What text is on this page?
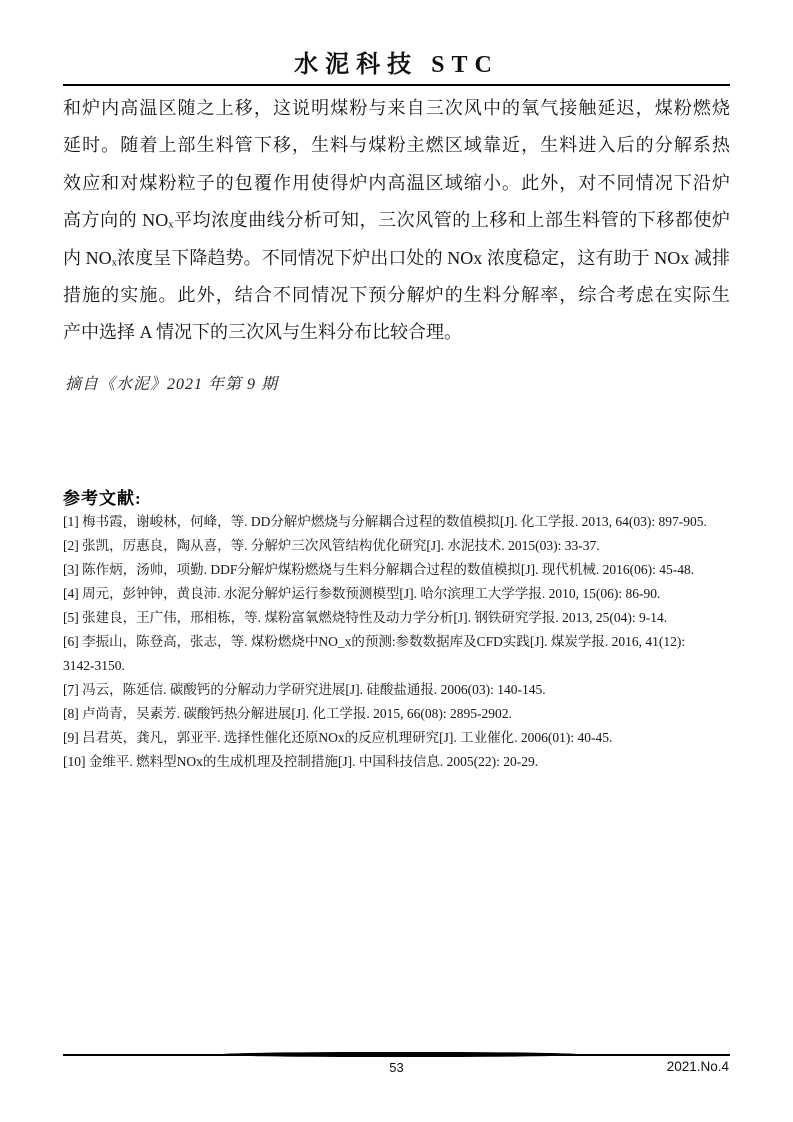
水泥科技 STC
和炉内高温区随之上移，这说明煤粉与来自三次风中的氧气接触延迟，煤粉燃烧
延时。随着上部生料管下移，生料与煤粉主燃区域靠近，生料进入后的分解系热
效应和对煤粉粒子的包覆作用使得炉内高温区域缩小。此外，对不同情况下沿炉
高方向的 NOₓ平均浓度曲线分析可知，三次风管的上移和上部生料管的下移都使炉
内 NOₓ浓度呈下降趋势。不同情况下炉出口处的 NOx 浓度稳定，这有助于 NOx 减排
措施的实施。此外，结合不同情况下预分解炉的生料分解率，综合考虑在实际生
产中选择 A 情况下的三次风与生料分布比较合理。
摘自《水泥》2021 年第 9 期
参考文献:
[1] 梅书霞，谢峻林，何峰，等. DD分解炉燃烧与分解耦合过程的数值模拟[J]. 化工学报. 2013, 64(03): 897-905.
[2] 张凯，厉惠良，陶从喜，等. 分解炉三次风管结构优化研究[J]. 水泥技术. 2015(03): 33-37.
[3] 陈作炳，汤帅，项勤. DDF分解炉煤粉燃烧与生料分解耦合过程的数值模拟[J]. 现代机械. 2016(06): 45-48.
[4] 周元，彭钟钟，黄良沛. 水泥分解炉运行参数预测模型[J]. 哈尔滨理工大学学报. 2010, 15(06): 86-90.
[5] 张建良，王广伟，邢相栋，等. 煤粉富氧燃烧特性及动力学分析[J]. 钢铁研究学报. 2013, 25(04): 9-14.
[6] 李振山，陈登高，张志，等. 煤粉燃烧中NO_x的预测:参数数据库及CFD实践[J]. 煤炭学报. 2016, 41(12):
3142-3150.
[7] 冯云，陈延信. 碳酸钙的分解动力学研究进展[J]. 硅酸盐通报. 2006(03): 140-145.
[8] 卢尚青，吴素芳. 碳酸钙热分解进展[J]. 化工学报. 2015, 66(08): 2895-2902.
[9] 吕君英，龚凡，郭亚平. 选择性催化还原NOx的反应机理研究[J]. 工业催化. 2006(01): 40-45.
[10] 金维平. 燃料型NOx的生成机理及控制措施[J]. 中国科技信息. 2005(22): 20-29.
53	2021.No.4
